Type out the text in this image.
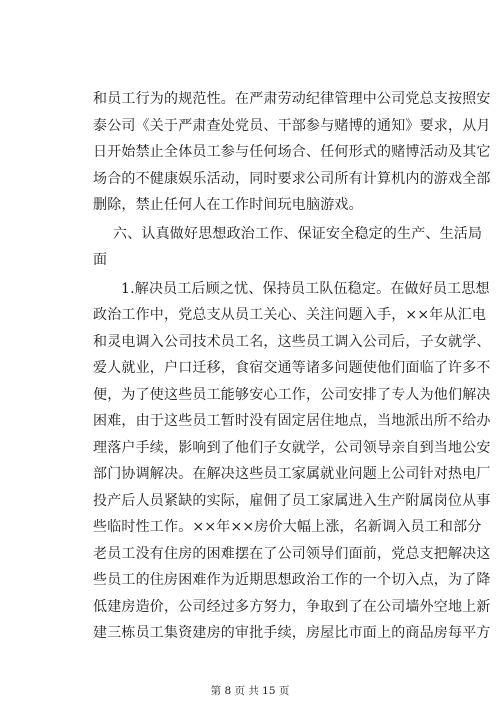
和员工行为的规范性。在严肃劳动纪律管理中公司党总支按照安
泰公司《关于严肃查处党员、干部参与赌博的通知》要求，从月
日开始禁止全体员工参与任何场合、任何形式的赌博活动及其它
场合的不健康娱乐活动，同时要求公司所有计算机内的游戏全部
删除，禁止任何人在工作时间玩电脑游戏。
六、认真做好思想政治工作、保证安全稳定的生产、生活局
面
1.解决员工后顾之忧、保持员工队伍稳定。在做好员工思想
政治工作中，党总支从员工关心、关注问题入手，××年从汇电
和灵电调入公司技术员工名，这些员工调入公司后，子女就学、
爱人就业，户口迁移，食宿交通等诸多问题使他们面临了许多不
便，为了使这些员工能够安心工作，公司安排了专人为他们解决
困难，由于这些员工暂时没有固定居住地点，当地派出所不给办
理落户手续，影响到了他们子女就学，公司领导亲自到当地公安
部门协调解决。在解决这些员工家属就业问题上公司针对热电厂
投产后人员紧缺的实际，雇佣了员工家属进入生产附属岗位从事
些临时性工作。××年××房价大幅上涨，名新调入员工和部分
老员工没有住房的困难摆在了公司领导们面前，党总支把解决这
些员工的住房困难作为近期思想政治工作的一个切入点，为了降
低建房造价，公司经过多方努力，争取到了在公司墙外空地上新
建三栋员工集资建房的审批手续，房屋比市面上的商品房每平方
第 8 页 共 15 页
